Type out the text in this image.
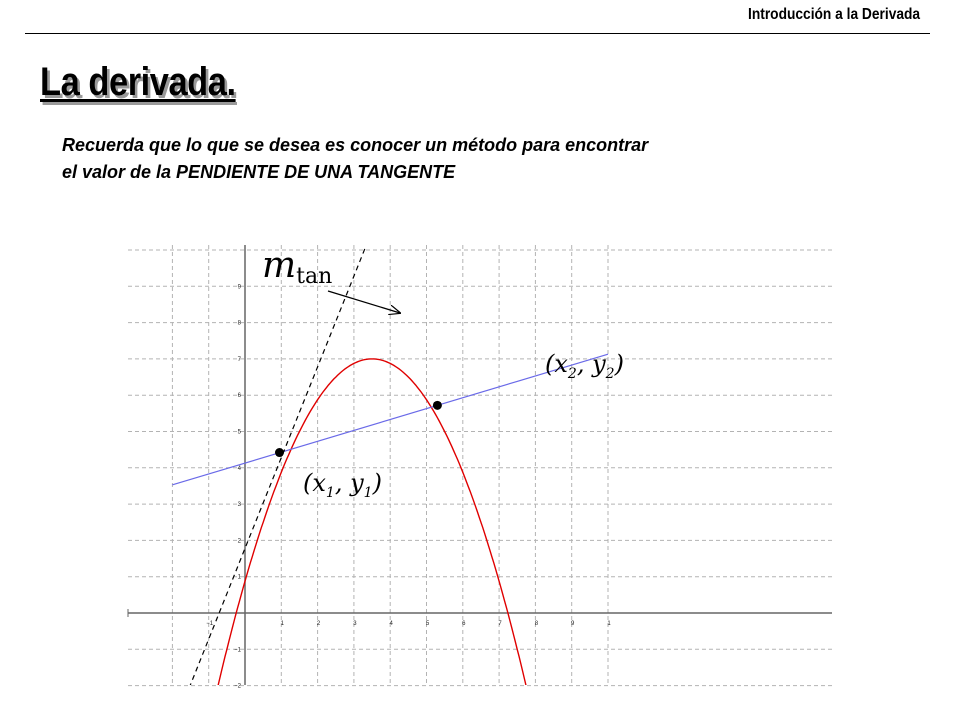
Introducción a la Derivada
La derivada.
Recuerda que lo que se desea es conocer un método para encontrar
el valor de la PENDIENTE DE UNA TANGENTE
−1	1	2	3	4	5	6	7	8	9	1
−2
−1
1
2
3
4
5
6
7
8
9
($x_1$, $y_1$)
($x_2$, $y_2$)
mtan
